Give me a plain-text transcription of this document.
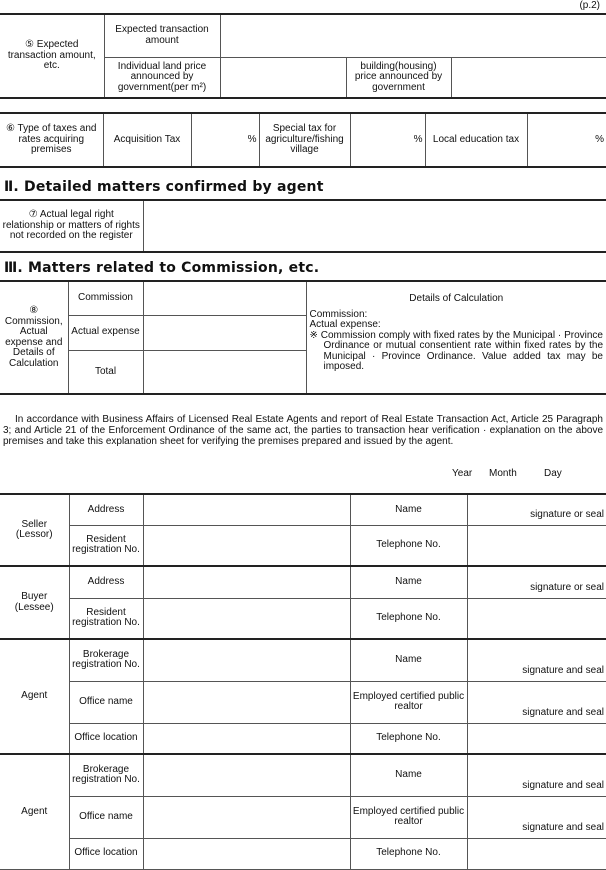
(p.2)
⑤ Expected transaction amount, etc.	Expected transaction amount			
	Individual land price announced by government(per m²)		building(housing) price announced by government	
⑥ Type of taxes and rates acquiring premises	Acquisition Tax	%	Special tax for agriculture/fishing village	%	Local education tax	%
Ⅱ. Detailed matters confirmed by agent
⑦ Actual legal right relationship or matters of rights not recorded on the register	
Ⅲ. Matters related to Commission, etc.
⑧ Commission, Actual expense and Details of Calculation	Commission		Details of Calculation
Commission:
Actual expense:
※ Commission comply with fixed rates by the Municipal · Province Ordinance or mutual consentient rate within fixed rates by the Municipal · Province Ordinance. Value added tax may be imposed.

	Actual expense		
	Total		
In accordance with Business Affairs of Licensed Real Estate Agents and report of Real Estate Transaction Act, Article 25 Paragraph 3; and Article 21 of the Enforcement Ordinance of the same act, the parties to transaction hear verification · explanation on the above premises and take this explanation sheet for verifying the premises prepared and issued by the agent.
Year Month	Day
Seller (Lessor)	Address		Name	signature or seal
	Resident registration No.		Telephone No.	
Buyer (Lessee)	Address		Name	signature or seal
	Resident registration No.		Telephone No.	
Agent	Brokerage registration No.		Name	signature and seal
	Office name		Employed certified public realtor	signature and seal
	Office location		Telephone No.	
Agent	Brokerage registration No.		Name	signature and seal
	Office name		Employed certified public realtor	signature and seal
	Office location		Telephone No.	
